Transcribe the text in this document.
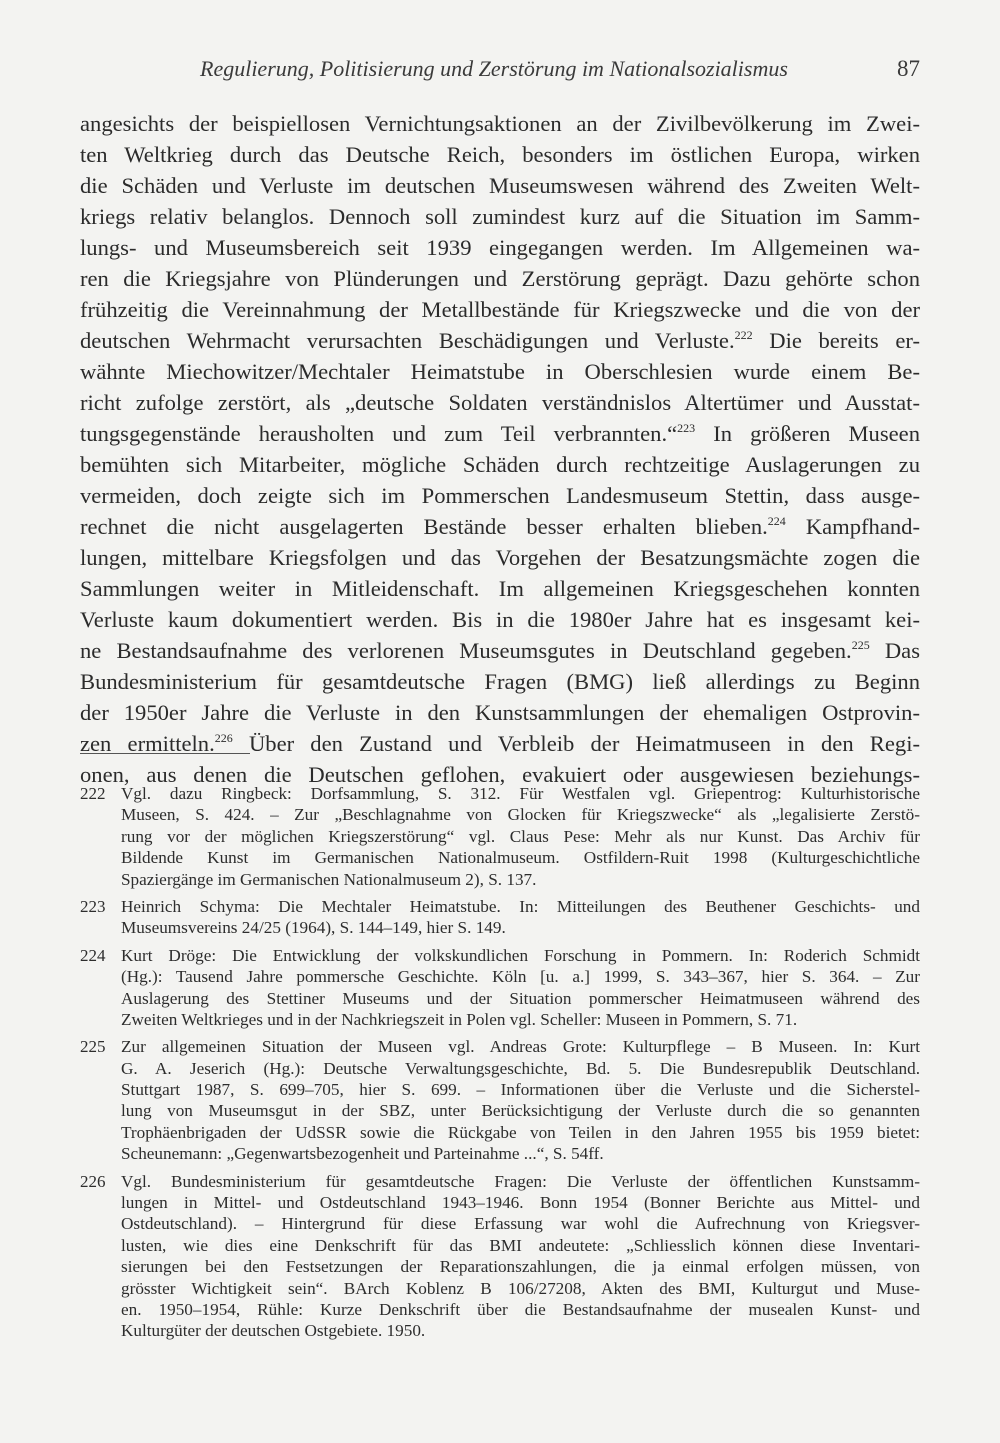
Regulierung, Politisierung und Zerstörung im Nationalsozialismus	87
angesichts der beispiellosen Vernichtungsaktionen an der Zivilbevölkerung im Zwei-
ten Weltkrieg durch das Deutsche Reich, besonders im östlichen Europa, wirken
die Schäden und Verluste im deutschen Museumswesen während des Zweiten Welt-
kriegs relativ belanglos. Dennoch soll zumindest kurz auf die Situation im Samm-
lungs- und Museumsbereich seit 1939 eingegangen werden. Im Allgemeinen wa-
ren die Kriegsjahre von Plünderungen und Zerstörung geprägt. Dazu gehörte schon
frühzeitig die Vereinnahmung der Metallbestände für Kriegszwecke und die von der
deutschen Wehrmacht verursachten Beschädigungen und Verluste.$^{222}$ Die bereits er-
wähnte Miechowitzer/Mechtaler Heimatstube in Oberschlesien wurde einem Be-
richt zufolge zerstört, als „deutsche Soldaten verständnislos Altertümer und Ausstat-
tungsgegenstände herausholten und zum Teil verbrannten.“$^{223}$ In größeren Museen
bemühten sich Mitarbeiter, mögliche Schäden durch rechtzeitige Auslagerungen zu
vermeiden, doch zeigte sich im Pommerschen Landesmuseum Stettin, dass ausge-
rechnet die nicht ausgelagerten Bestände besser erhalten blieben.$^{224}$ Kampfhand-
lungen, mittelbare Kriegsfolgen und das Vorgehen der Besatzungsmächte zogen die
Sammlungen weiter in Mitleidenschaft. Im allgemeinen Kriegsgeschehen konnten
Verluste kaum dokumentiert werden. Bis in die 1980er Jahre hat es insgesamt kei-
ne Bestandsaufnahme des verlorenen Museumsgutes in Deutschland gegeben.$^{225}$ Das
Bundesministerium für gesamtdeutsche Fragen (BMG) ließ allerdings zu Beginn
der 1950er Jahre die Verluste in den Kunstsammlungen der ehemaligen Ostprovin-
zen ermitteln.$^{226}$ Über den Zustand und Verbleib der Heimatmuseen in den Regi-
onen, aus denen die Deutschen geflohen, evakuiert oder ausgewiesen beziehungs-
222 Vgl. dazu Ringbeck: Dorfsammlung, S. 312. Für Westfalen vgl. Griepentrog: Kulturhistorische
Museen, S. 424. – Zur „Beschlagnahme von Glocken für Kriegszwecke“ als „legalisierte Zerstö-
rung vor der möglichen Kriegszerstörung“ vgl. Claus Pese: Mehr als nur Kunst. Das Archiv für
Bildende Kunst im Germanischen Nationalmuseum. Ostfildern-Ruit 1998 (Kulturgeschichtliche
Spaziergänge im Germanischen Nationalmuseum 2), S. 137.
223 Heinrich Schyma: Die Mechtaler Heimatstube. In: Mitteilungen des Beuthener Geschichts- und
Museumsvereins 24/25 (1964), S. 144–149, hier S. 149.
224 Kurt Dröge: Die Entwicklung der volkskundlichen Forschung in Pommern. In: Roderich Schmidt
(Hg.): Tausend Jahre pommersche Geschichte. Köln [u. a.] 1999, S. 343–367, hier S. 364. – Zur
Auslagerung des Stettiner Museums und der Situation pommerscher Heimatmuseen während des
Zweiten Weltkrieges und in der Nachkriegszeit in Polen vgl. Scheller: Museen in Pommern, S. 71.
225 Zur allgemeinen Situation der Museen vgl. Andreas Grote: Kulturpflege – B Museen. In: Kurt
G. A. Jeserich (Hg.): Deutsche Verwaltungsgeschichte, Bd. 5. Die Bundesrepublik Deutschland.
Stuttgart 1987, S. 699–705, hier S. 699. – Informationen über die Verluste und die Sicherstel-
lung von Museumsgut in der SBZ, unter Berücksichtigung der Verluste durch die so genannten
Trophäenbrigaden der UdSSR sowie die Rückgabe von Teilen in den Jahren 1955 bis 1959 bietet:
Scheunemann: „Gegenwartsbezogenheit und Parteinahme ...“, S. 54ff.
226 Vgl. Bundesministerium für gesamtdeutsche Fragen: Die Verluste der öffentlichen Kunstsamm-
lungen in Mittel- und Ostdeutschland 1943–1946. Bonn 1954 (Bonner Berichte aus Mittel- und
Ostdeutschland). – Hintergrund für diese Erfassung war wohl die Aufrechnung von Kriegsver-
lusten, wie dies eine Denkschrift für das BMI andeutete: „Schliesslich können diese Inventari-
sierungen bei den Festsetzungen der Reparationszahlungen, die ja einmal erfolgen müssen, von
grösster Wichtigkeit sein“. BArch Koblenz B 106/27208, Akten des BMI, Kulturgut und Muse-
en. 1950–1954, Rühle: Kurze Denkschrift über die Bestandsaufnahme der musealen Kunst- und
Kulturgüter der deutschen Ostgebiete. 1950.
